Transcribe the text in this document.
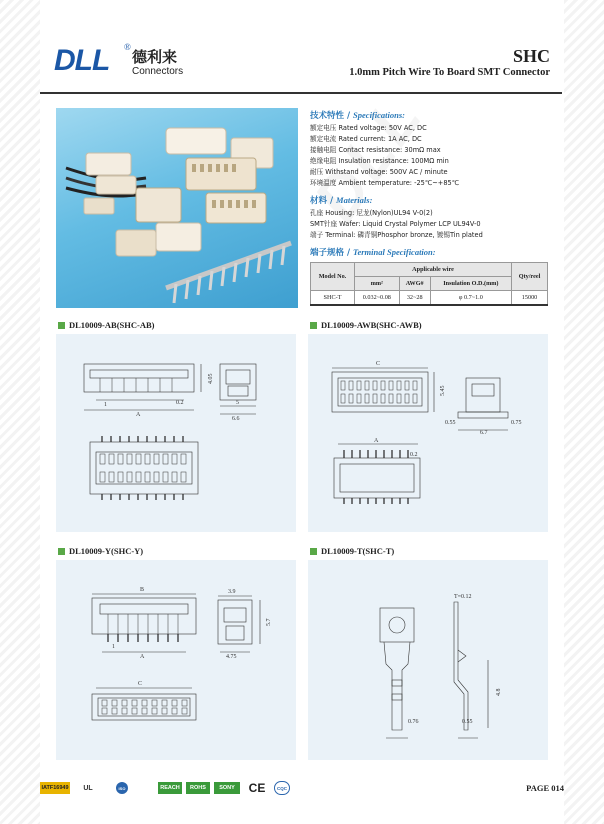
DLL ®
德利来
Connectors
SHC
1.0mm Pitch Wire To Board SMT Connector
技术特性 / Specifications:
额定电压 Rated voltage: 50V AC, DC
额定电流 Rated current: 1A AC, DC
接触电阻 Contact resistance: 30mΩ max
绝缘电阻 Insulation resistance: 100MΩ min
耐压 Withstand voltage: 500V AC / minute
环境温度 Ambient temperature: -25℃~+85℃
材料 / Materials:
孔座 Housing: 尼龙(Nylon)UL94 V-0(2)
SMT针座 Wafer: Liquid Crystal Polymer LCP UL94V-0
端子 Terminal: 磷青铜Phosphor bronze, 镀锡Tin plated
端子规格 / Terminal Specification:
Model No.	Applicable wire			Qty/reel
	mm²	AWG#	Insulation O.D.(mm)	
SHC-T	0.032~0.08	32~28	φ 0.7~1.0	15000
DL10009-AB(SHC-AB)
1
A
0.2
4.05
5
6.6
DL10009-AWB(SHC-AWB)
C
5.45
0.55
6.7
0.75
A
0.2
DL10009-Y(SHC-Y)
B
1
A
3.9
5.7
4.75
C
DL10009-T(SHC-T)
T=0.12
0.76
4.8
0.55
IATF16949	UL	ISO	REACH	ROHS	SONY	CE	CQC	PAGE 014
